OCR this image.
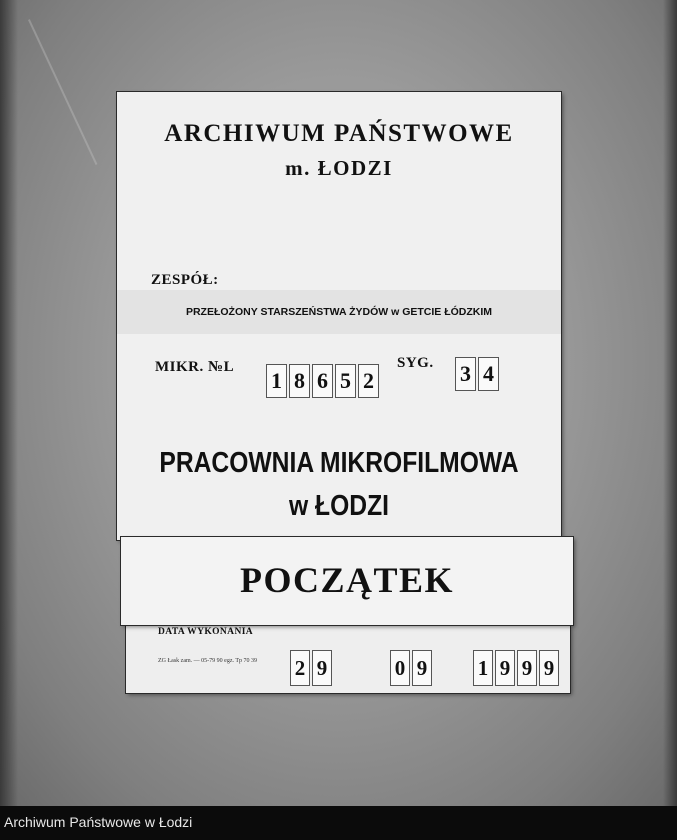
ARCHIWUM PAŃSTWOWE
m. ŁODZI
ZESPÓŁ:
PRZEŁOŻONY STARSZEŃSTWA ŻYDÓW w GETCIE ŁÓDZKIM
MIKR. №L
1 8 6 5 2
SYG. 3 4
PRACOWNIA MIKROFILMOWA
w ŁODZI
POCZĄTEK
DATA WYKONANIA
ZG Łask zam. — 05-79 90 egz. Tp 70 39 2 9	0 9 1 9 9 9
Archiwum Państwowe w Łodzi
